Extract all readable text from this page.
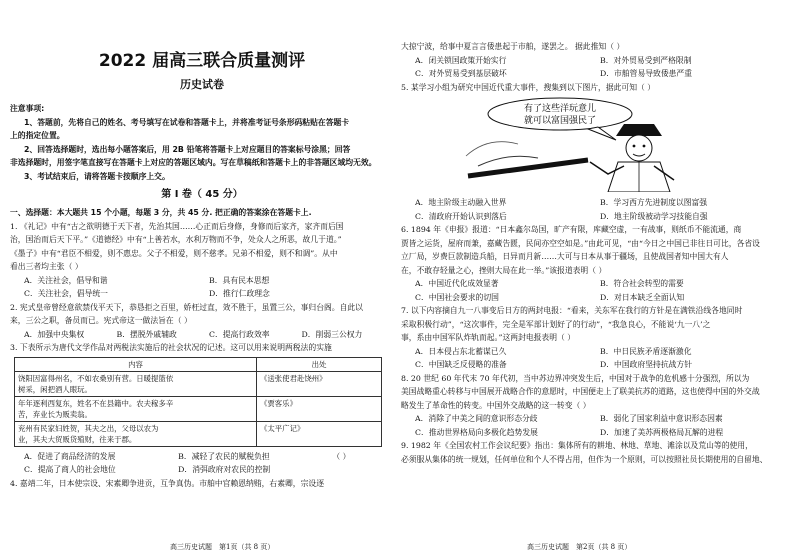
2022 届高三联合质量测评
历史试卷

注意事项:

1、答题前，先将自己的姓名、考号填写在试卷和答题卡上，并将准考证号条形码粘贴在答题卡

上的指定位置。

2、回答选择题时，选出每小题答案后，用 2B 铅笔将答题卡上对应题目的答案标号涂黑；回答

非选择题时，用签字笔直接写在答题卡上对应的答题区域内。写在草稿纸和答题卡上的非答题区域均无效。

3、考试结束后，请将答题卡按顺序上交。

第 I 卷（ 45 分）

一、选择题：本大题共 15 个小题，每题 3 分，共 45 分. 把正确的答案涂在答题卡上.

1. 《礼记》中有“古之欲明德于天下者，先治其国……心正而后身修，身修而后家齐，家齐而后国

治，国治而后天下平。”《道德经》中有“上善若水，水利万物而不争，处众人之所恶，故几于道。”

《墨子》中有“君臣不相爱，则不惠忠。父子不相爱，则不慈孝。兄弟不相爱，则不和调”。从中

看出三者均主张（ ）

A．关注社会，倡导和谐	B．具有民本思想
C．关注社会，倡导统一	D．推行仁政理念

2. 宪式皇帝曾经意欲禁伐平天下，恭恳拒之百里，娇枉过直，效不胜于，虽置三公，事归台阁。自此以

来，三公之职，备员而已。宪式帝这一做法旨在（ ）

A．加强中央集权	B．摆脱外戚辅政	C．提高行政效率	D．削弱三公权力

3. 下表所示为唐代文学作品对两税法实施后的社会状况的记述。这可以用来说明两税法的实施

内容	出处
饶阳因富得州名，不如农桑别有营。日暖提篮依
树采，闲把酒人眼玩。	《送张使君赴饶州》
年年逐利西复东，姓名不在县籍中。农夫稼多辛
苦，弃业长为贩卖翁。	《贾客乐》
兖州有民家妇姓贺，其夫之出，父母以农为
业，其夫大贸贩货殖财，往来于郡。	《太平广记》
A．促进了商品经济的发展	B．减轻了农民的赋税负担	（ ）
C．提高了商人的社会地位	D．消弭政府对农民的控制

4. 嘉靖二年，日本使宗设、宋素卿争进贡，互争真伪。市舶中官赖恩纳贿，右素卿，宗设逐

高三历史试题　第1页（共 8 页）

大掠宁波，给事中夏言言倭患起于市舶，遂罢之。 据此推知（ ）

A．闭关锁国政策开始实行	B．对外贸易受到严格限制
C．对外贸易受到基层破坏	D．市舶管易导致倭患严重

5. 某学习小组为研究中国近代重大事件，搜集到以下图片，据此可知（ ）

有了这些洋玩意儿
就可以富国强民了
A．地主阶级主动融入世界	B．学习西方先进制度以图富强
C．清政府开始认识到落后	D．地主阶级被动学习技能自强

6. 1894 年《申报》报道：“日本鑫尔岛国，旷产有限，库藏空虚，一有战事，则纸币不能流通，商

贾皆之运货，屋府而兼，嘉藏告匮，民间亦空空如是。”由此可见，“由“今日之中国已非往日可比，各省设

立厂局，岁费巨款制造兵船，日异而月新……大可与日本从事于疆场，且使战国者知中国大有人

在，不敢存轻量之心，挫则大局在此一举。”该报道表明（ ）

A．中国近代化成效显著	B．符合社会转型的需要
C．中国社会要求的切国	D．对日本缺乏全面认知

7. 以下内容摘自九一八事变后日方的两封电报：“看来，关东军在我行的方针是在满铁沿线各地同时

采取积极行动”，“这次事件，完全是军部计划好了的行动”，“我急良心，不能说‘九一八’之

事，系由中国军队炸轨而起。”这两封电报表明（ ）

A．日本侵占东北蓄谋已久	B．中日民族矛盾逐渐激化
C．中国缺乏反侵略的准备	D．中国政府坚持抗战方针

8. 20 世纪 60 年代末 70 年代初，当中苏边界冲突发生后，中国对于战争的危机感十分强烈，所以为

美国战略重心转移与中国展开战略合作的意愿时，中国便走上了联美抗苏的道路，这也使得中国的外交战

略发生了革命性的转变。中国外交战略的这一转变（ ）

A．消除了中美之间的意识形态分歧	B．弱化了国家利益中意识形态因素
C．推动世界格局向多极化趋势发展	D．加速了美苏两极格局瓦解的进程

9. 1982 年《全国农村工作会议纪要》指出：集体所有的耕地、林地、草地、滩涂以及荒山等的使用，

必须服从集体的统一规划，任何单位和个人不得占用，但作为一个原则，可以按照社员长期使用的自留地、

高三历史试题　第2页（共 8 页）
